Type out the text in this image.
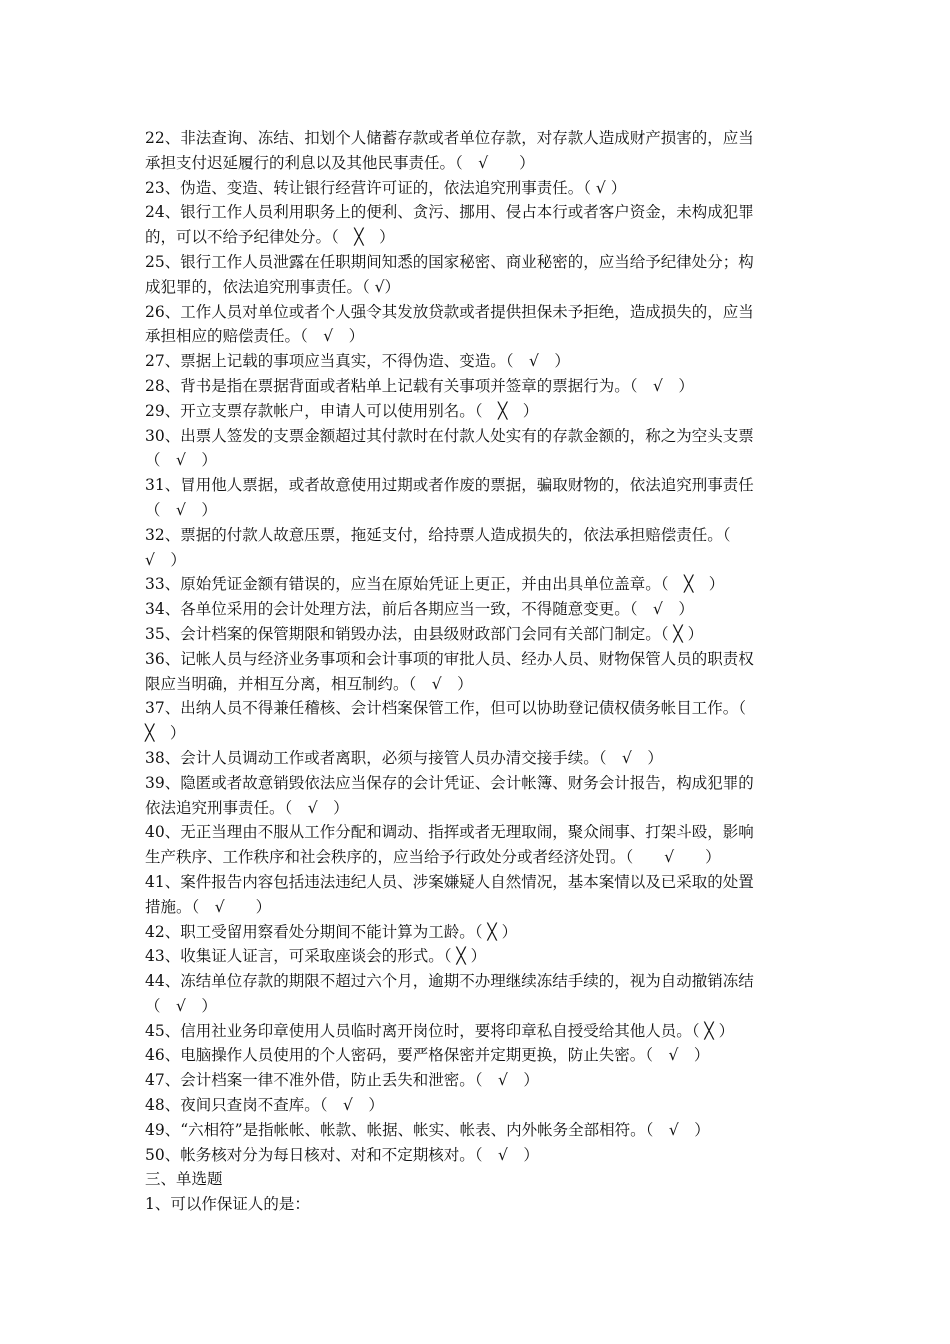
22、非法查询、冻结、扣划个人储蓄存款或者单位存款，对存款人造成财产损害的，应当
承担支付迟延履行的利息以及其他民事责任。（　√　　）
23、伪造、变造、转让银行经营许可证的，依法追究刑事责任。（ √ ）
24、银行工作人员利用职务上的便利、贪污、挪用、侵占本行或者客户资金，未构成犯罪
的，可以不给予纪律处分。（　╳　）
25、银行工作人员泄露在任职期间知悉的国家秘密、商业秘密的，应当给予纪律处分；构
成犯罪的，依法追究刑事责任。（ √）
26、工作人员对单位或者个人强令其发放贷款或者提供担保未予拒绝，造成损失的，应当
承担相应的赔偿责任。（　√　）
27、票据上记载的事项应当真实，不得伪造、变造。（　√　）
28、背书是指在票据背面或者粘单上记载有关事项并签章的票据行为。（　√　）
29、开立支票存款帐户，申请人可以使用别名。（　╳　）
30、出票人签发的支票金额超过其付款时在付款人处实有的存款金额的，称之为空头支票
（　√　）
31、冒用他人票据，或者故意使用过期或者作废的票据，骗取财物的，依法追究刑事责任
（　√　）
32、票据的付款人故意压票，拖延支付，给持票人造成损失的，依法承担赔偿责任。（
√　）
33、原始凭证金额有错误的，应当在原始凭证上更正，并由出具单位盖章。（　╳　）
34、各单位采用的会计处理方法，前后各期应当一致，不得随意变更。（　√　）
35、会计档案的保管期限和销毁办法，由县级财政部门会同有关部门制定。（ ╳ ）
36、记帐人员与经济业务事项和会计事项的审批人员、经办人员、财物保管人员的职责权
限应当明确，并相互分离，相互制约。（　√　）
37、出纳人员不得兼任稽核、会计档案保管工作，但可以协助登记债权债务帐目工作。（
╳　）
38、会计人员调动工作或者离职，必须与接管人员办清交接手续。（　√　）
39、隐匿或者故意销毁依法应当保存的会计凭证、会计帐簿、财务会计报告，构成犯罪的
依法追究刑事责任。（　√　）
40、无正当理由不服从工作分配和调动、指挥或者无理取闹，聚众闹事、打架斗殴，影响
生产秩序、工作秩序和社会秩序的，应当给予行政处分或者经济处罚。（　　√　　）
41、案件报告内容包括违法违纪人员、涉案嫌疑人自然情况，基本案情以及已采取的处置
措施。（　√　　）
42、职工受留用察看处分期间不能计算为工龄。（ ╳ ）
43、收集证人证言，可采取座谈会的形式。（ ╳ ）
44、冻结单位存款的期限不超过六个月，逾期不办理继续冻结手续的，视为自动撤销冻结
（　√　）
45、信用社业务印章使用人员临时离开岗位时，要将印章私自授受给其他人员。（ ╳ ）
46、电脑操作人员使用的个人密码，要严格保密并定期更换，防止失密。（　√　）
47、会计档案一律不准外借，防止丢失和泄密。（　√　）
48、夜间只查岗不查库。（　√　）
49、“六相符”是指帐帐、帐款、帐据、帐实、帐表、内外帐务全部相符。（　√　）
50、帐务核对分为每日核对、对和不定期核对。（　√　）
三、单选题
1、可以作保证人的是：
